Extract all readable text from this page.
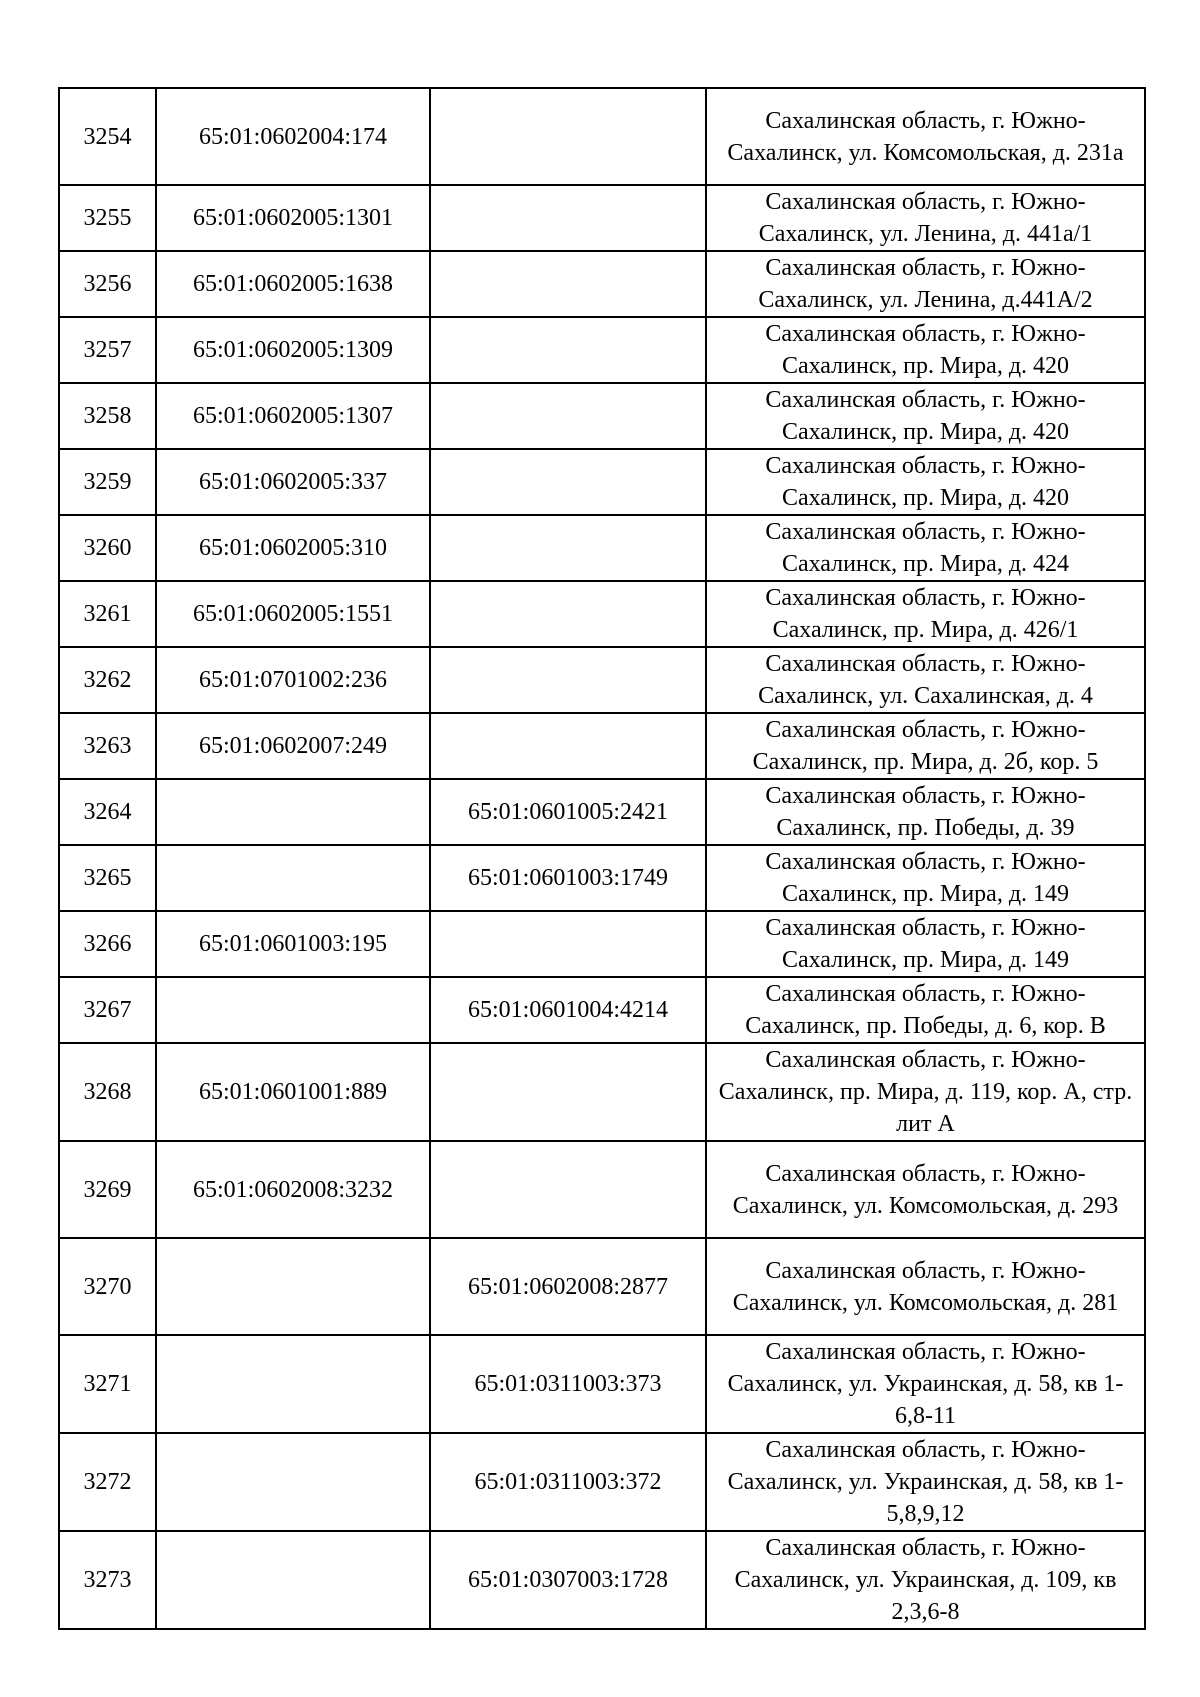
3254	65:01:0602004:174		Сахалинская область, г. Южно-Сахалинск, ул. Комсомольская, д. 231а
3255	65:01:0602005:1301		Сахалинская область, г. Южно-Сахалинск, ул. Ленина, д. 441а/1
3256	65:01:0602005:1638		Сахалинская область, г. Южно-Сахалинск, ул. Ленина, д.441А/2
3257	65:01:0602005:1309		Сахалинская область, г. Южно-Сахалинск, пр. Мира, д. 420
3258	65:01:0602005:1307		Сахалинская область, г. Южно-Сахалинск, пр. Мира, д. 420
3259	65:01:0602005:337		Сахалинская область, г. Южно-Сахалинск, пр. Мира, д. 420
3260	65:01:0602005:310		Сахалинская область, г. Южно-Сахалинск, пр. Мира, д. 424
3261	65:01:0602005:1551		Сахалинская область, г. Южно-Сахалинск, пр. Мира, д. 426/1
3262	65:01:0701002:236		Сахалинская область, г. Южно-Сахалинск, ул. Сахалинская, д. 4
3263	65:01:0602007:249		Сахалинская область, г. Южно-Сахалинск, пр. Мира, д. 2б, кор. 5
3264		65:01:0601005:2421	Сахалинская область, г. Южно-Сахалинск, пр. Победы, д. 39
3265		65:01:0601003:1749	Сахалинская область, г. Южно-Сахалинск, пр. Мира, д. 149
3266	65:01:0601003:195		Сахалинская область, г. Южно-Сахалинск, пр. Мира, д. 149
3267		65:01:0601004:4214	Сахалинская область, г. Южно-Сахалинск, пр. Победы, д. 6, кор. В
3268	65:01:0601001:889		Сахалинская область, г. Южно-Сахалинск, пр. Мира, д. 119, кор. А, стр. лит А
3269	65:01:0602008:3232		Сахалинская область, г. Южно-Сахалинск, ул. Комсомольская, д. 293
3270		65:01:0602008:2877	Сахалинская область, г. Южно-Сахалинск, ул. Комсомольская, д. 281
3271		65:01:0311003:373	Сахалинская область, г. Южно-Сахалинск, ул. Украинская, д. 58, кв 1-6,8-11
3272		65:01:0311003:372	Сахалинская область, г. Южно-Сахалинск, ул. Украинская, д. 58, кв 1-5,8,9,12
3273		65:01:0307003:1728	Сахалинская область, г. Южно-Сахалинск, ул. Украинская, д. 109, кв 2,3,6-8
